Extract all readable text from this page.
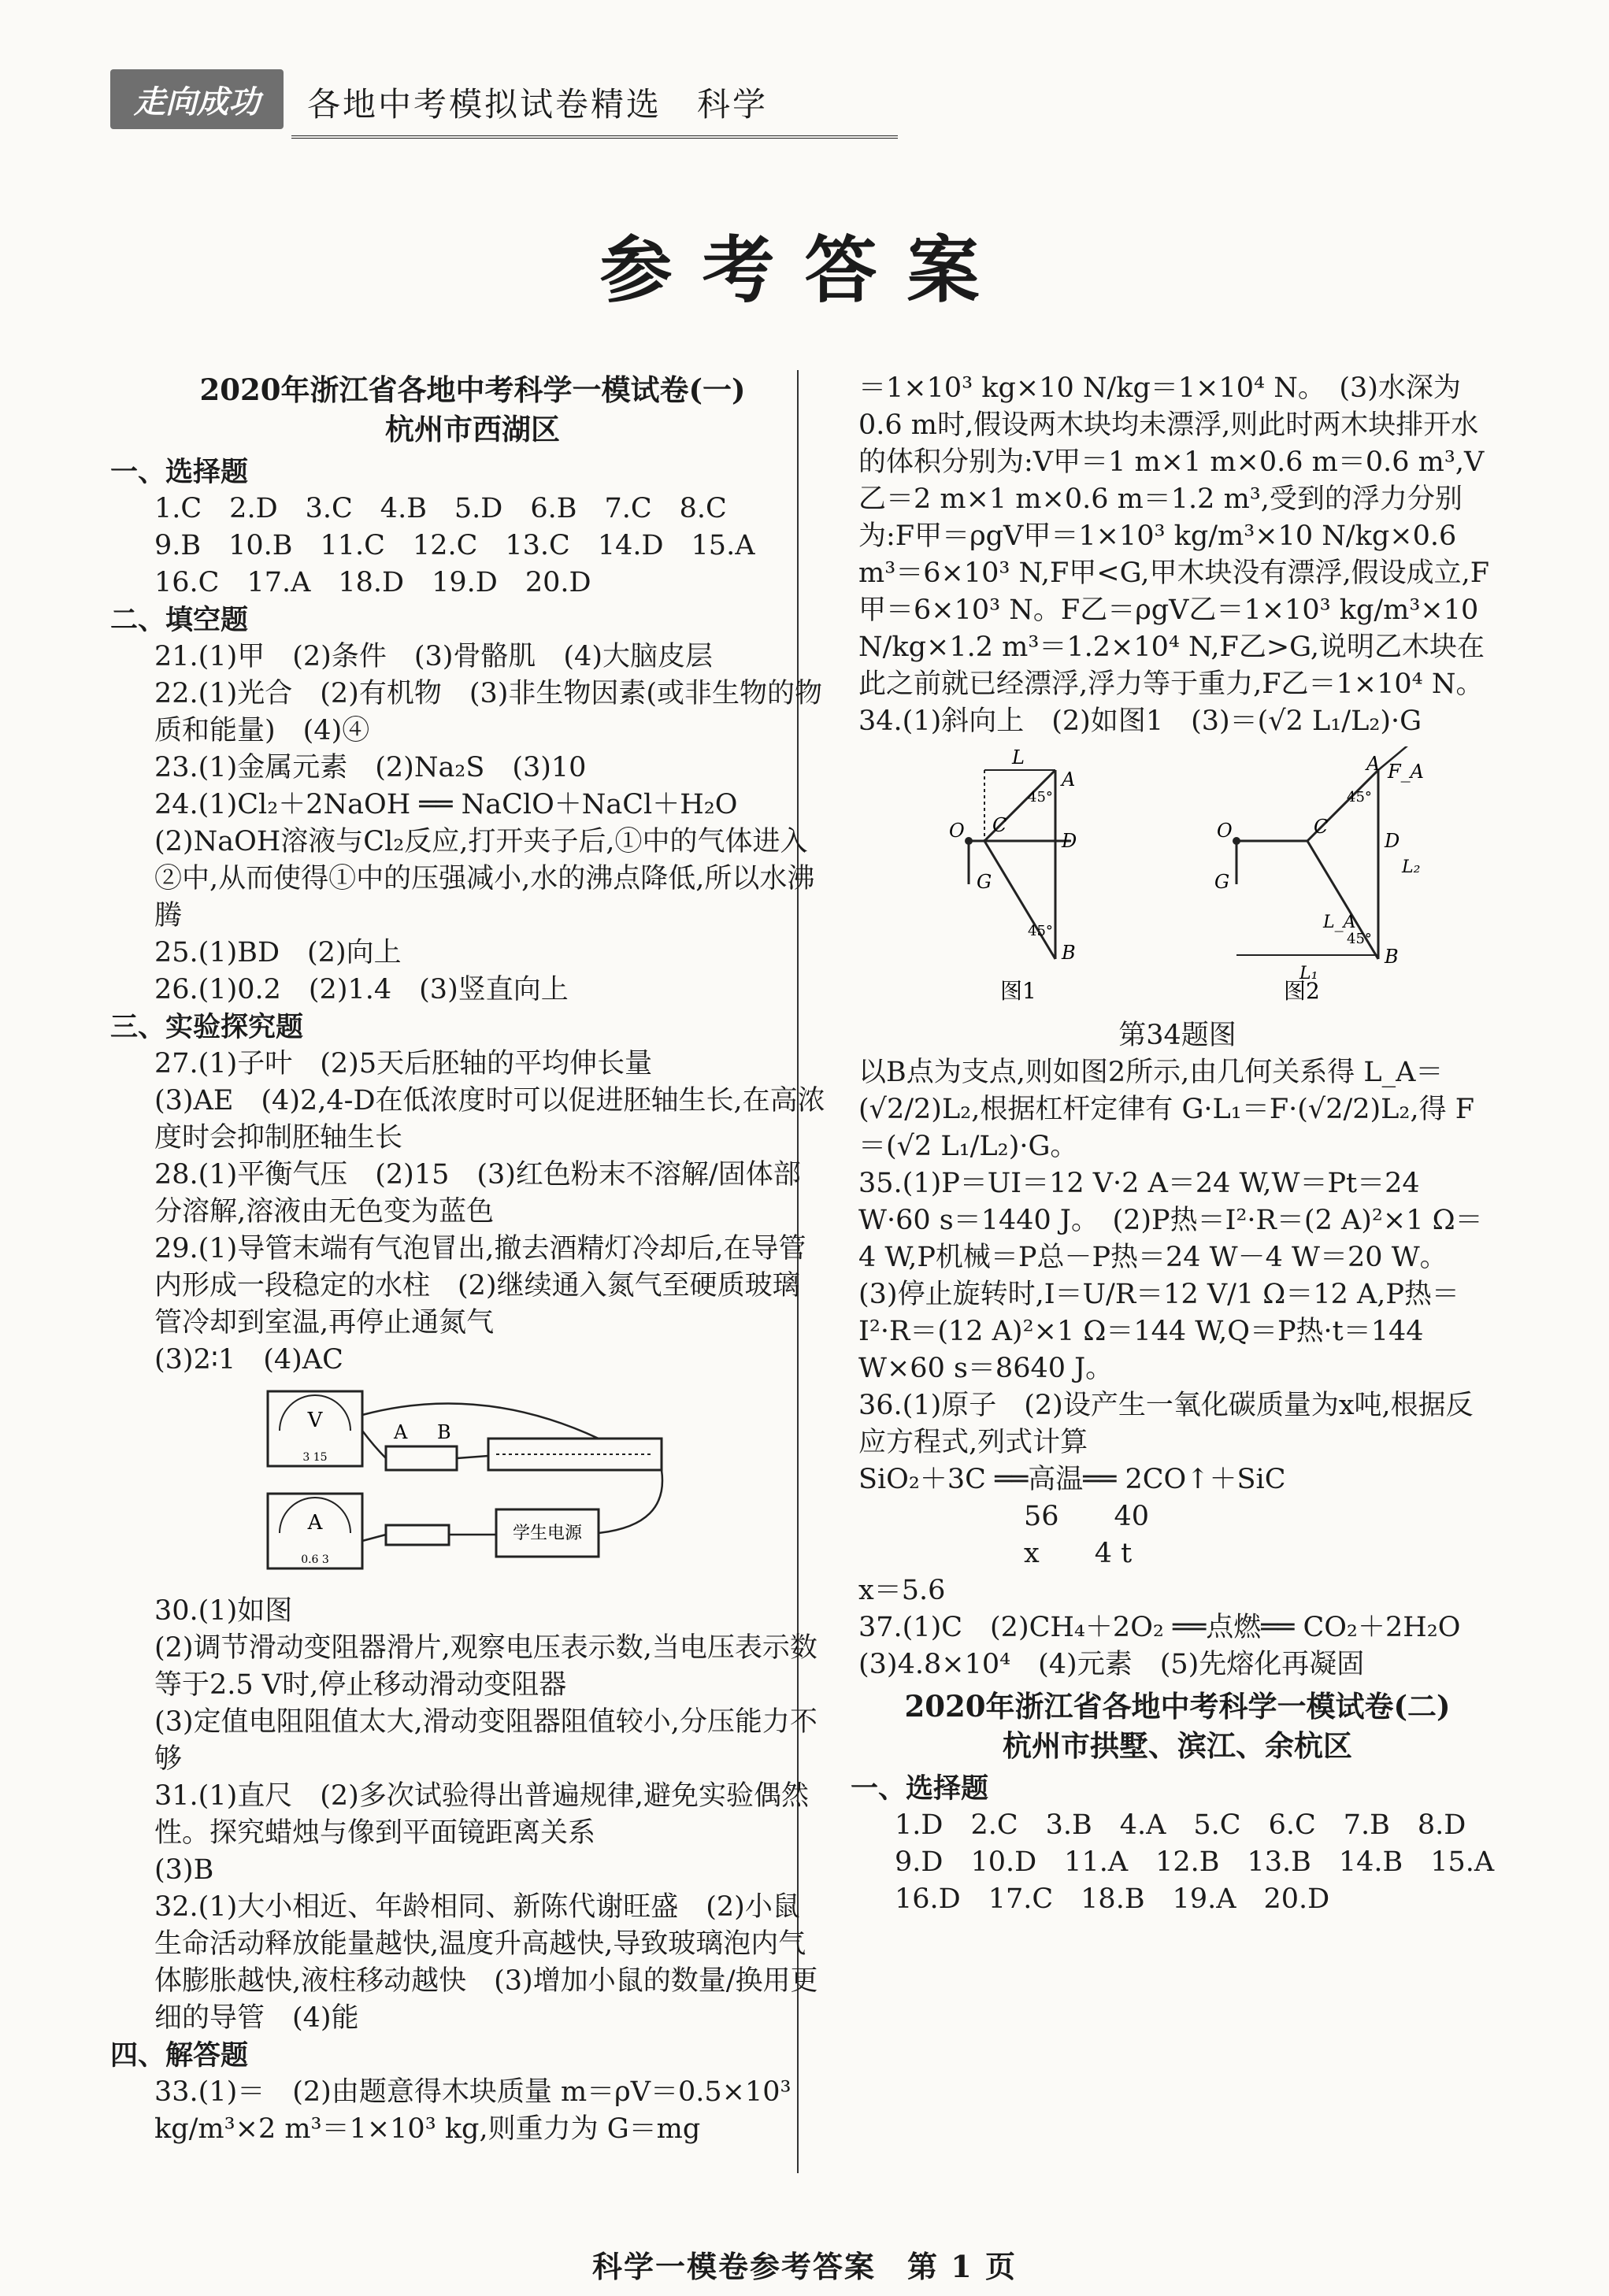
走向成功	各地中考模拟试卷精选　科学
参考答案
2020年浙江省各地中考科学一模试卷(一)
杭州市西湖区
一、选择题
1.C　2.D　3.C　4.B　5.D　6.B　7.C　8.C
9.B　10.B　11.C　12.C　13.C　14.D　15.A
16.C　17.A　18.D　19.D　20.D
二、填空题
21.(1)甲　(2)条件　(3)骨骼肌　(4)大脑皮层
22.(1)光合　(2)有机物　(3)非生物因素(或非生物的物质和能量)　(4)④
23.(1)金属元素　(2)Na₂S　(3)10
24.(1)Cl₂＋2NaOH ══ NaClO＋NaCl＋H₂O
(2)NaOH溶液与Cl₂反应,打开夹子后,①中的气体进入②中,从而使得①中的压强减小,水的沸点降低,所以水沸腾
25.(1)BD　(2)向上
26.(1)0.2　(2)1.4　(3)竖直向上
三、实验探究题
27.(1)子叶　(2)5天后胚轴的平均伸长量
(3)AE　(4)2,4-D在低浓度时可以促进胚轴生长,在高浓度时会抑制胚轴生长
28.(1)平衡气压　(2)15　(3)红色粉末不溶解/固体部分溶解,溶液由无色变为蓝色
29.(1)导管末端有气泡冒出,撤去酒精灯冷却后,在导管内形成一段稳定的水柱　(2)继续通入氮气至硬质玻璃管冷却到室温,再停止通氮气
(3)2∶1　(4)AC
V
3 15
A B
A
0.6 3
学生电源
30.(1)如图
(2)调节滑动变阻器滑片,观察电压表示数,当电压表示数等于2.5 V时,停止移动滑动变阻器
(3)定值电阻阻值太大,滑动变阻器阻值较小,分压能力不够
31.(1)直尺　(2)多次试验得出普遍规律,避免实验偶然性。探究蜡烛与像到平面镜距离关系
(3)B
32.(1)大小相近、年龄相同、新陈代谢旺盛　(2)小鼠生命活动释放能量越快,温度升高越快,导致玻璃泡内气体膨胀越快,液柱移动越快　(3)增加小鼠的数量/换用更细的导管　(4)能
四、解答题
33.(1)＝　(2)由题意得木块质量 m＝ρV＝0.5×10³ kg/m³×2 m³＝1×10³ kg,则重力为 G＝mg
＝1×10³ kg×10 N/kg＝1×10⁴ N。　(3)水深为0.6 m时,假设两木块均未漂浮,则此时两木块排开水的体积分别为:V甲＝1 m×1 m×0.6 m＝0.6 m³,V乙＝2 m×1 m×0.6 m＝1.2 m³,受到的浮力分别为:F甲＝ρgV甲＝1×10³ kg/m³×10 N/kg×0.6 m³＝6×10³ N,F甲<G,甲木块没有漂浮,假设成立,F甲＝6×10³ N。F乙＝ρgV乙＝1×10³ kg/m³×10 N/kg×1.2 m³＝1.2×10⁴ N,F乙>G,说明乙木块在此之前就已经漂浮,浮力等于重力,F乙＝1×10⁴ N。
34.(1)斜向上　(2)如图1　(3)＝(√2 L₁/L₂)·G
L
A
C
D
B
O
G
45°
45°
图1
F_A
A
C
D
B
O
G
L_A
L₂
L₁
45°
45°
图2
第34题图
以B点为支点,则如图2所示,由几何关系得 L_A＝(√2/2)L₂,根据杠杆定律有 G·L₁＝F·(√2/2)L₂,得 F＝(√2 L₁/L₂)·G。
35.(1)P＝UI＝12 V·2 A＝24 W,W＝Pt＝24 W·60 s＝1440 J。　(2)P热＝I²·R＝(2 A)²×1 Ω＝4 W,P机械＝P总－P热＝24 W－4 W＝20 W。
(3)停止旋转时,I＝U/R＝12 V/1 Ω＝12 A,P热＝I²·R＝(12 A)²×1 Ω＝144 W,Q＝P热·t＝144 W×60 s＝8640 J。
36.(1)原子　(2)设产生一氧化碳质量为x吨,根据反应方程式,列式计算
SiO₂＋3C ══高温══ 2CO↑＋SiC
56　　40
x　　4 t
x＝5.6
37.(1)C　(2)CH₄＋2O₂ ══点燃══ CO₂＋2H₂O　(3)4.8×10⁴　(4)元素　(5)先熔化再凝固
2020年浙江省各地中考科学一模试卷(二)
杭州市拱墅、滨江、余杭区
一、选择题
1.D　2.C　3.B　4.A　5.C　6.C　7.B　8.D
9.D　10.D　11.A　12.B　13.B　14.B　15.A
16.D　17.C　18.B　19.A　20.D
科学一模卷参考答案　第 1 页
